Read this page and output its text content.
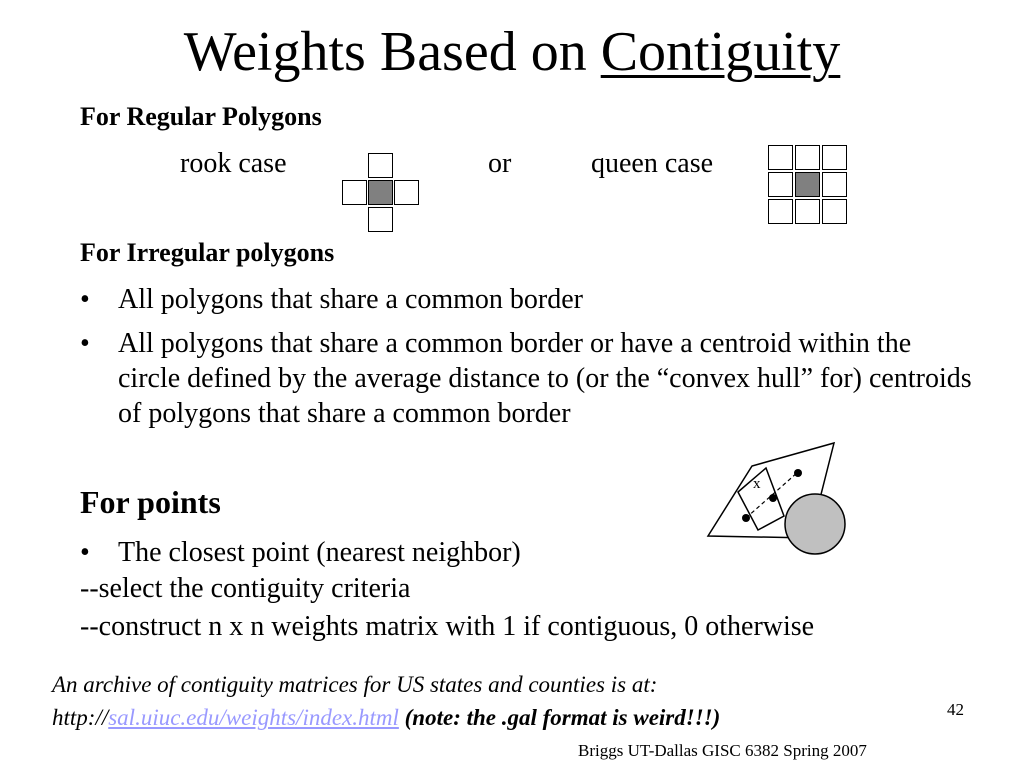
Weights Based on Contiguity
For Regular Polygons
rook case	or	queen case
For Irregular polygons
• All polygons that share a common border
•	All polygons that share a common border or have a centroid within the circle defined by the average distance to (or the “convex hull” for) centroids of polygons that share a common border
For points
• The closest point (nearest neighbor)
--select the contiguity criteria
--construct n x n weights matrix with 1 if contiguous, 0 otherwise
x
An archive of contiguity matrices for US states and counties is at:
http://sal.uiuc.edu/weights/index.html (note: the .gal format is weird!!!)	42
Briggs UT-Dallas GISC 6382 Spring 2007
